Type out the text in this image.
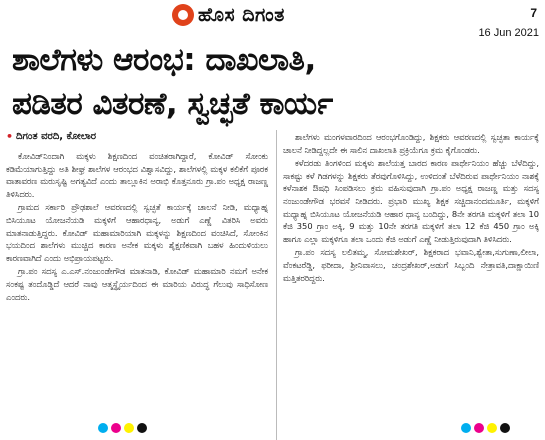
ಹೊಸ ದಿಗಂತ	7
16 Jun 2021
ಶಾಲೆಗಳು ಆರಂಭ: ದಾಖಲಾತಿ,
ಪಡಿತರ ವಿತರಣೆ, ಸ್ವಚ್ಛತೆ ಕಾರ್ಯ
• ದಿಗಂತ ವರದಿ, ಕೋಲಾರ

ಕೋವಿಡ್‌ನಿಂದಾಗಿ ಮಕ್ಕಳು ಶಿಕ್ಷಣದಿಂದ ವಂಚಿತರಾಗಿದ್ದಾರೆ, ಕೋವಿಡ್ ಸೋಂಕು ಕಡಿಮೆಯಾಗುತ್ತಿದ್ದು ಅತಿ ಶೀಘ್ರ ಶಾಲೆಗಳ ಆರಂಭದ ವಿಶ್ವಾಸವಿದ್ದು, ಶಾಲೆಗಳಲ್ಲಿ ಮಕ್ಕಳ ಕಲಿಕೆಗೆ ಪೂರಕ ವಾತಾವರಣ ಮರುಸೃಷ್ಟಿ ಅಗತ್ಯವಿದೆ ಎಂದು ತಾಲ್ಲೂಕಿನ ಅರಾಭಿ ಕೊತ್ತನೂರು ಗ್ರಾ.ಪಂ ಅಧ್ಯಕ್ಷ ರಾಜಣ್ಣ ತಿಳಿಸಿದರು.

ಗ್ರಾಮದ ಸರ್ಕಾರಿ ಪ್ರೌಢಶಾಲೆ ಆವರಣದಲ್ಲಿ ಸ್ವಚ್ಛತೆ ಕಾರ್ಯಕ್ಕೆ ಚಾಲನೆ ನೀಡಿ, ಮಧ್ಯಾಹ್ನ ಬಿಸಿಯೂಟ ಯೋಜನೆಯಡಿ ಮಕ್ಕಳಿಗೆ ಆಹಾರಧಾನ್ಯ, ಅಡುಗೆ ಎಣ್ಣೆ ವಿತರಿಸಿ ಅವರು ಮಾತನಾಡುತ್ತಿದ್ದರು. ಕೋವಿಡ್ ಮಹಾಮಾರಿಯಾಗಿ ಮಕ್ಕಳನ್ನು ಶಿಕ್ಷಣದಿಂದ ವಂಚಿಸಿದೆ, ಸೋಂಕಿನ ಭಯದಿಂದ ಶಾಲೆಗಳು ಮುಚ್ಚಿದ ಕಾರಣ ಅನೇಕ ಮಕ್ಕಳು ಶೈಕ್ಷಣಿಕವಾಗಿ ಬಹಳ ಹಿಂದುಳಿಯಲು ಕಾರಣವಾಗಿದೆ ಎಂದು ಅಭಿಪ್ರಾಯಪಟ್ಟರು.

ಗ್ರಾ.ಪಂ ಸದಸ್ಯ ಎ.ಎಸ್.ನಂಜುಂಡೇಗೌಡ ಮಾತನಾಡಿ, ಕೋವಿಡ್ ಮಹಾಮಾರಿ ನಮಗೆ ಅನೇಕ ಸಂಕಷ್ಟ ತಂದೊಡ್ಡಿದೆ ಆದರೆ ನಾವು ಆತ್ಮಸ್ಥೈರ್ಯದಿಂದ ಈ ಮಾರಿಯ ವಿರುದ್ಧ ಗೆಲುವು ಸಾಧಿಸೋಣ ಎಂದರು.

ಶಾಲೆಗಳು ಮಂಗಳವಾರದಿಂದ ಆರಂಭಗೊಂಡಿದ್ದು, ಶಿಕ್ಷಕರು ಆವರಣದಲ್ಲಿ ಸ್ವಚ್ಛತಾ ಕಾರ್ಯಕ್ಕೆ ಚಾಲನೆ ನೀಡಿದ್ದಲ್ಲದೇ ಈ ಸಾಲಿನ ದಾಖಲಾತಿ ಪ್ರಕ್ರಿಯೆಗೂ ಕ್ರಮ ಕೈಗೊಂಡರು.

ಕಳೆದರಡು ತಿಂಗಳಿಂದ ಮಕ್ಕಳು ಶಾಲೆಯತ್ತ ಬಾರದ ಕಾರಣ ಪಾರ್ಥೇನಿಯಂ ಹೆಚ್ಚು ಬೆಳೆದಿದ್ದು, ಸಾಕಷ್ಟು ಕಳೆ ಗಿಡಗಳನ್ನು ಶಿಕ್ಷಕರು ತೆರವುಗೊಳಿಸಿದ್ದು, ಉಳಿದಂತೆ ಬೆಳೆದಿರುವ ಪಾರ್ಥೇನಿಯಂ ನಾಶಕ್ಕೆ ಕಳೆನಾಶಕ ಔಷಧಿ ಸಿಂಪಡಿಸಲು ಕ್ರಮ ವಹಿಸುವುದಾಗಿ ಗ್ರಾ.ಪಂ ಅಧ್ಯಕ್ಷ ರಾಜಣ್ಣ ಮತ್ತು ಸದಸ್ಯ ನಂಜುಂಡೇಗೌಡ ಭರವಸೆ ನೀಡಿದರು. ಪ್ರಭಾರಿ ಮುಖ್ಯ ಶಿಕ್ಷಕ ಸಚ್ಚಿದಾನಂದಮೂರ್ತಿ, ಮಕ್ಕಳಿಗೆ ಮಧ್ಯಾಹ್ನ ಬಿಸಿಯೂಟ ಯೋಜನೆಯಡಿ ಆಹಾರ ಧಾನ್ಯ ಬಂದಿದ್ದು, 8ನೇ ತರಗತಿ ಮಕ್ಕಳಿಗೆ ತಲಾ 10 ಕೆಜಿ 350 ಗ್ರಾಂ ಅಕ್ಕಿ, 9 ಮತ್ತು 10ನೇ ತರಗತಿ ಮಕ್ಕಳಿಗೆ ತಲಾ 12 ಕೆಜಿ 450 ಗ್ರಾಂ ಅಕ್ಕಿ ಹಾಗೂ ಎಲ್ಲಾ ಮಕ್ಕಳಿಗೂ ತಲಾ ಒಂದು ಕೆಜಿ ಅಡುಗೆ ಎಣ್ಣೆ ನೀಡುತ್ತಿರುವುದಾಗಿ ತಿಳಿಸಿದರು.

ಗ್ರಾ.ಪಂ ಸದಸ್ಯ ಲಲಿತಮ್ಮ, ಸೋಮಶೇಖರ್, ಶಿಕ್ಷಕರಾದ ಭವಾನಿ,ಶ್ವೇತಾ,ಸುಗುಣಾ,ಲೀಲಾ, ವೆಂಕಟರೆಡ್ಡಿ, ಫರೀದಾ, ಶ್ರೀನಿವಾಸಲು, ಚಂದ್ರಶೇಖರ್,ಅಡುಗೆ ಸಿಬ್ಬಂದಿ ನೇತ್ರಾವತಿ,ದಾಕ್ಷಾಯಿಣಿ ಮತ್ತಿತರರಿದ್ದರು.
